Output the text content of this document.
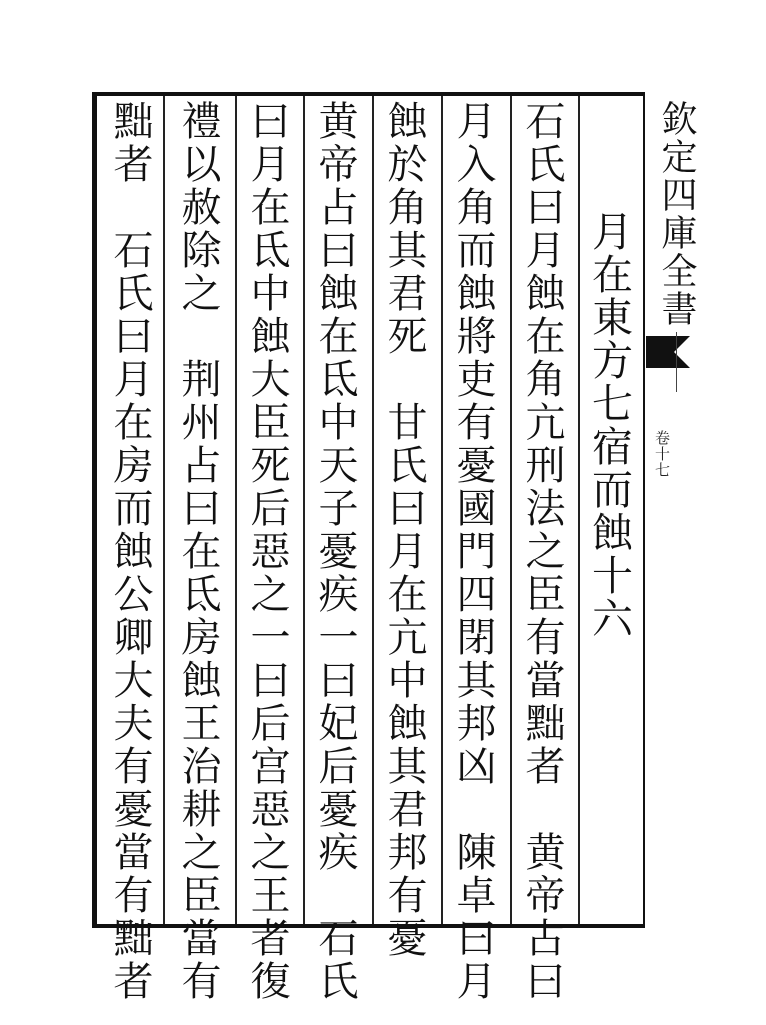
欽定四庫全書
卷十七
月在東方七宿而蝕十六
石氏曰月蝕在角亢刑法之臣有當黜者　黄帝占曰
月入角而蝕將吏有憂國門四閉其邦凶　陳卓曰月
蝕於角其君死　甘氏曰月在亢中蝕其君邦有憂
黄帝占曰蝕在氐中天子憂疾一曰妃后憂疾　石氏
曰月在氐中蝕大臣死后惡之一曰后宫惡之王者復
禮以赦除之　荆州占曰在氐房蝕王治耕之臣當有
黜者　石氏曰月在房而蝕公卿大夫有憂當有黜者
